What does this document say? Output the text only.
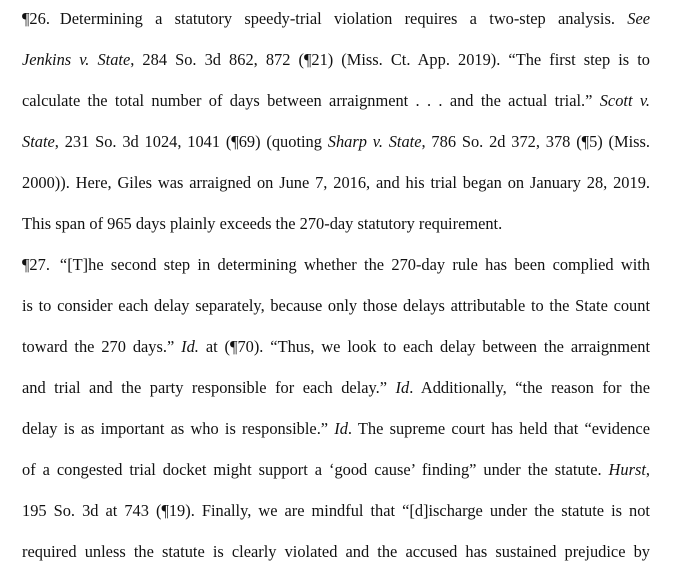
¶26. Determining a statutory speedy-trial violation requires a two-step analysis. See
Jenkins v. State, 284 So. 3d 862, 872 (¶21) (Miss. Ct. App. 2019). “The first step is to
calculate the total number of days between arraignment . . . and the actual trial.” Scott v.
State, 231 So. 3d 1024, 1041 (¶69) (quoting Sharp v. State, 786 So. 2d 372, 378 (¶5) (Miss.
2000)). Here, Giles was arraigned on June 7, 2016, and his trial began on January 28, 2019.
This span of 965 days plainly exceeds the 270-day statutory requirement.
¶27. “[T]he second step in determining whether the 270-day rule has been complied with
is to consider each delay separately, because only those delays attributable to the State count
toward the 270 days.” Id. at (¶70). “Thus, we look to each delay between the arraignment
and trial and the party responsible for each delay.” Id. Additionally, “the reason for the
delay is as important as who is responsible.” Id. The supreme court has held that “evidence
of a congested trial docket might support a ‘good cause’ finding” under the statute. Hurst,
195 So. 3d at 743 (¶19). Finally, we are mindful that “[d]ischarge under the statute is not
required unless the statute is clearly violated and the accused has sustained prejudice by
